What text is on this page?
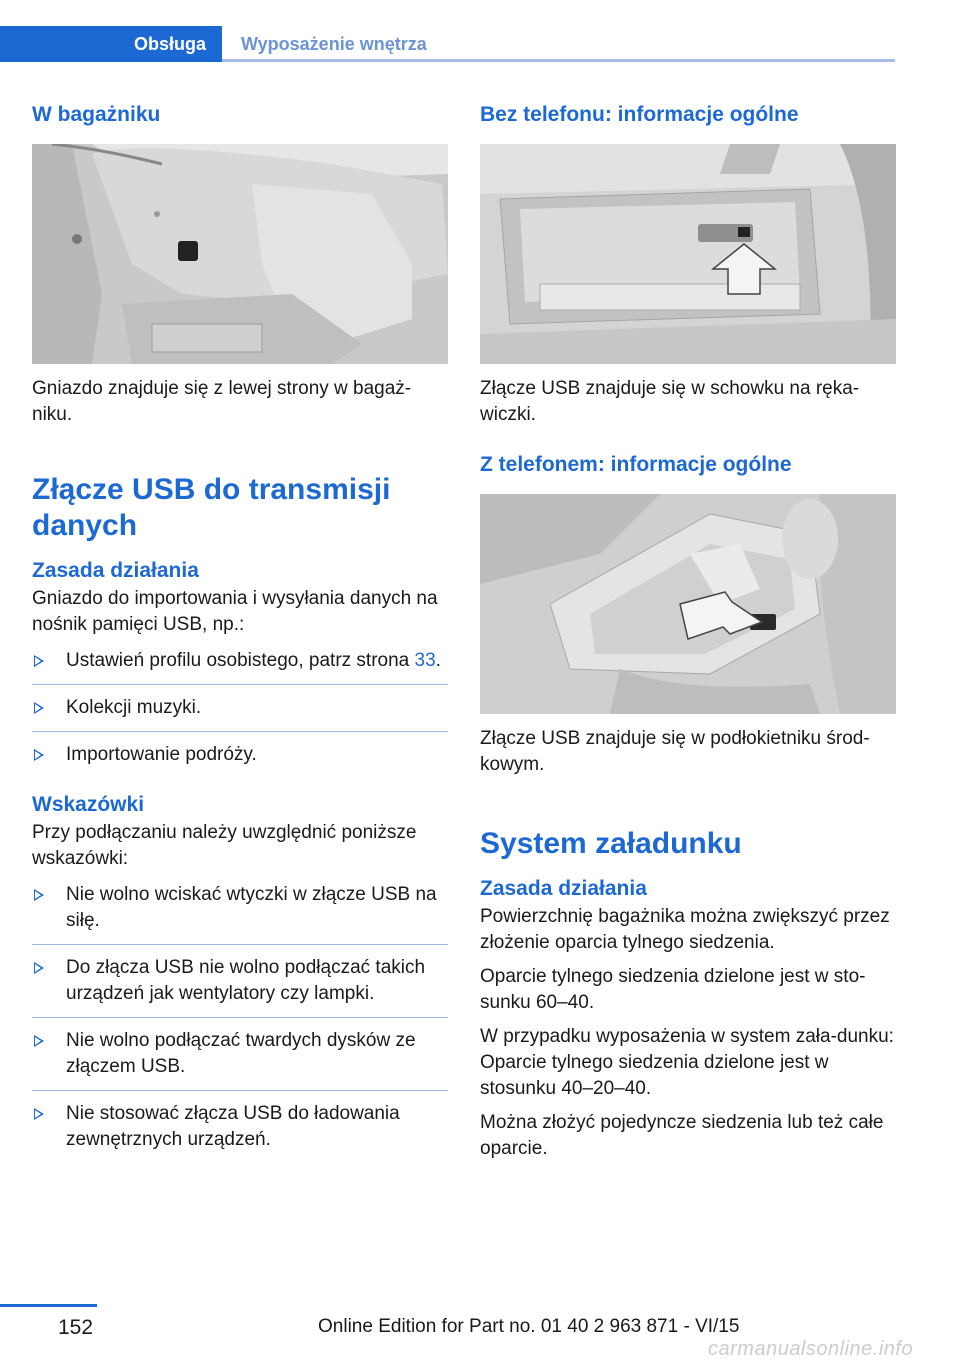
Obsługa Wyposażenie wnętrza
W bagażniku
Gniazdo znajduje się z lewej strony w bagaż-niku.
Złącze USB do transmisji danych
Zasada działania
Gniazdo do importowania i wysyłania danych na nośnik pamięci USB, np.:
Ustawień profilu osobistego, patrz strona 33.
Kolekcji muzyki.
Importowanie podróży.
Wskazówki
Przy podłączaniu należy uwzględnić poniższe wskazówki:
Nie wolno wciskać wtyczki w złącze USB na siłę.
Do złącza USB nie wolno podłączać takich urządzeń jak wentylatory czy lampki.
Nie wolno podłączać twardych dysków ze złączem USB.
Nie stosować złącza USB do ładowania zewnętrznych urządzeń.
Bez telefonu: informacje ogólne
Złącze USB znajduje się w schowku na ręka-wiczki.
Z telefonem: informacje ogólne
Złącze USB znajduje się w podłokietniku środ-kowym.
System załadunku
Zasada działania
Powierzchnię bagażnika można zwiększyć przez złożenie oparcia tylnego siedzenia.
Oparcie tylnego siedzenia dzielone jest w sto-sunku 60–40.
W przypadku wyposażenia w system zała-dunku: Oparcie tylnego siedzenia dzielone jest w stosunku 40–20–40.
Można złożyć pojedyncze siedzenia lub też całe oparcie.
152	Online Edition for Part no. 01 40 2 963 871 - VI/15
carmanualsonline.info
